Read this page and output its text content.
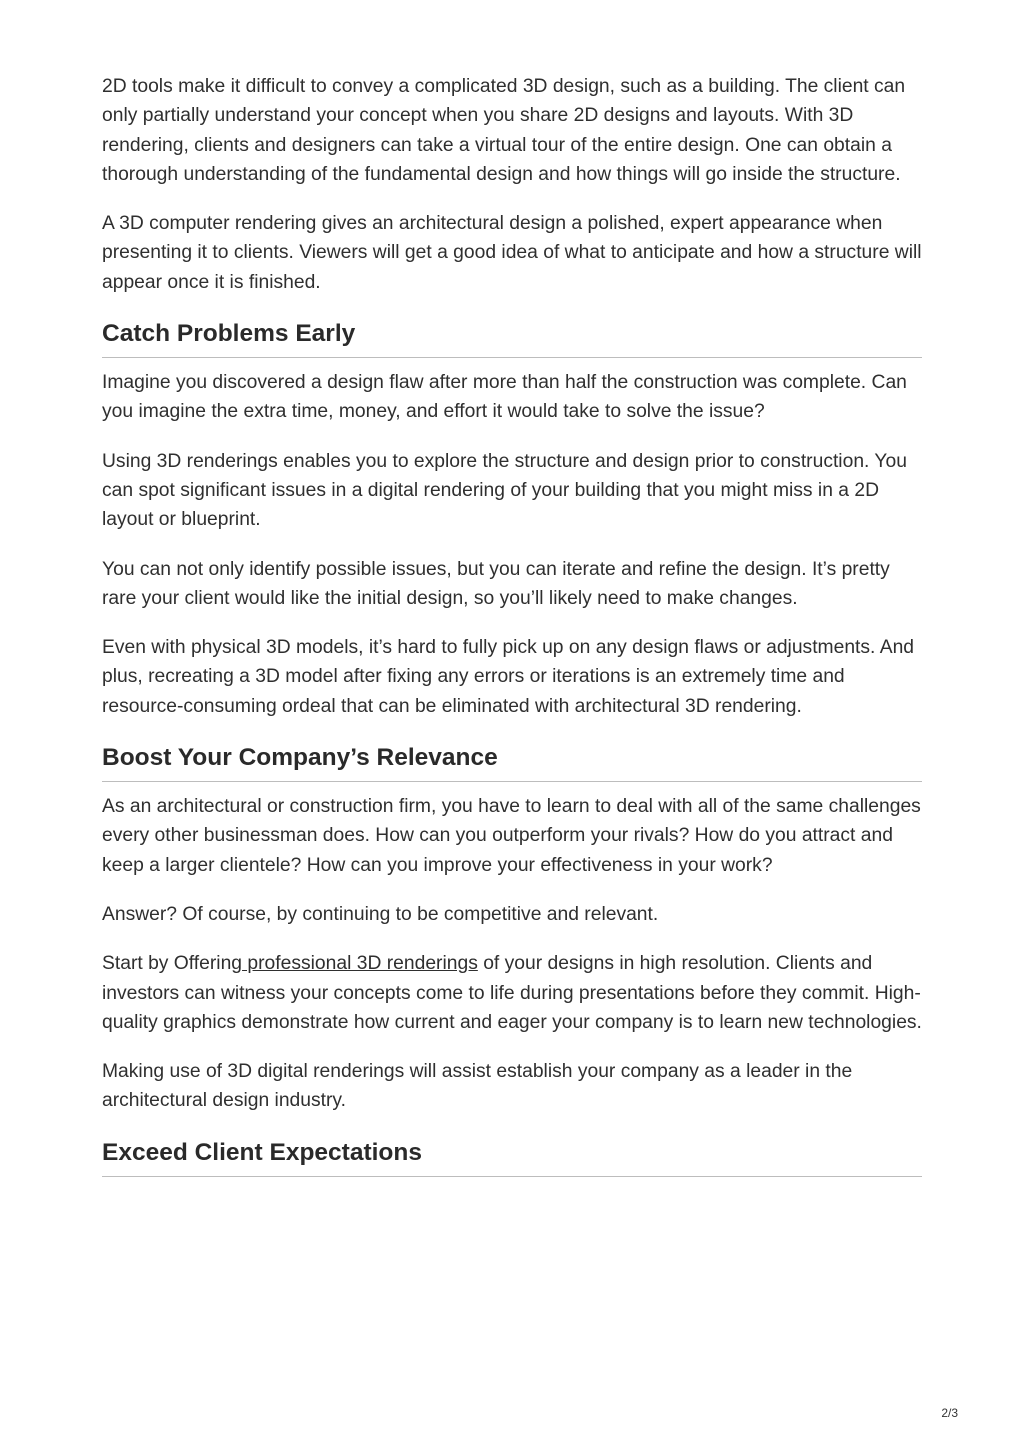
2D tools make it difficult to convey a complicated 3D design, such as a building. The client can only partially understand your concept when you share 2D designs and layouts. With 3D rendering, clients and designers can take a virtual tour of the entire design. One can obtain a thorough understanding of the fundamental design and how things will go inside the structure.

A 3D computer rendering gives an architectural design a polished, expert appearance when presenting it to clients. Viewers will get a good idea of what to anticipate and how a structure will appear once it is finished.

Catch Problems Early

Imagine you discovered a design flaw after more than half the construction was complete. Can you imagine the extra time, money, and effort it would take to solve the issue?

Using 3D renderings enables you to explore the structure and design prior to construction. You can spot significant issues in a digital rendering of your building that you might miss in a 2D layout or blueprint.

You can not only identify possible issues, but you can iterate and refine the design. It’s pretty rare your client would like the initial design, so you’ll likely need to make changes.

Even with physical 3D models, it’s hard to fully pick up on any design flaws or adjustments. And plus, recreating a 3D model after fixing any errors or iterations is an extremely time and resource-consuming ordeal that can be eliminated with architectural 3D rendering.

Boost Your Company’s Relevance

As an architectural or construction firm, you have to learn to deal with all of the same challenges every other businessman does. How can you outperform your rivals? How do you attract and keep a larger clientele? How can you improve your effectiveness in your work?

Answer? Of course, by continuing to be competitive and relevant.

Start by Offering professional 3D renderings of your designs in high resolution. Clients and investors can witness your concepts come to life during presentations before they commit. High-quality graphics demonstrate how current and eager your company is to learn new technologies.

Making use of 3D digital renderings will assist establish your company as a leader in the architectural design industry.

Exceed Client Expectations
2/3
